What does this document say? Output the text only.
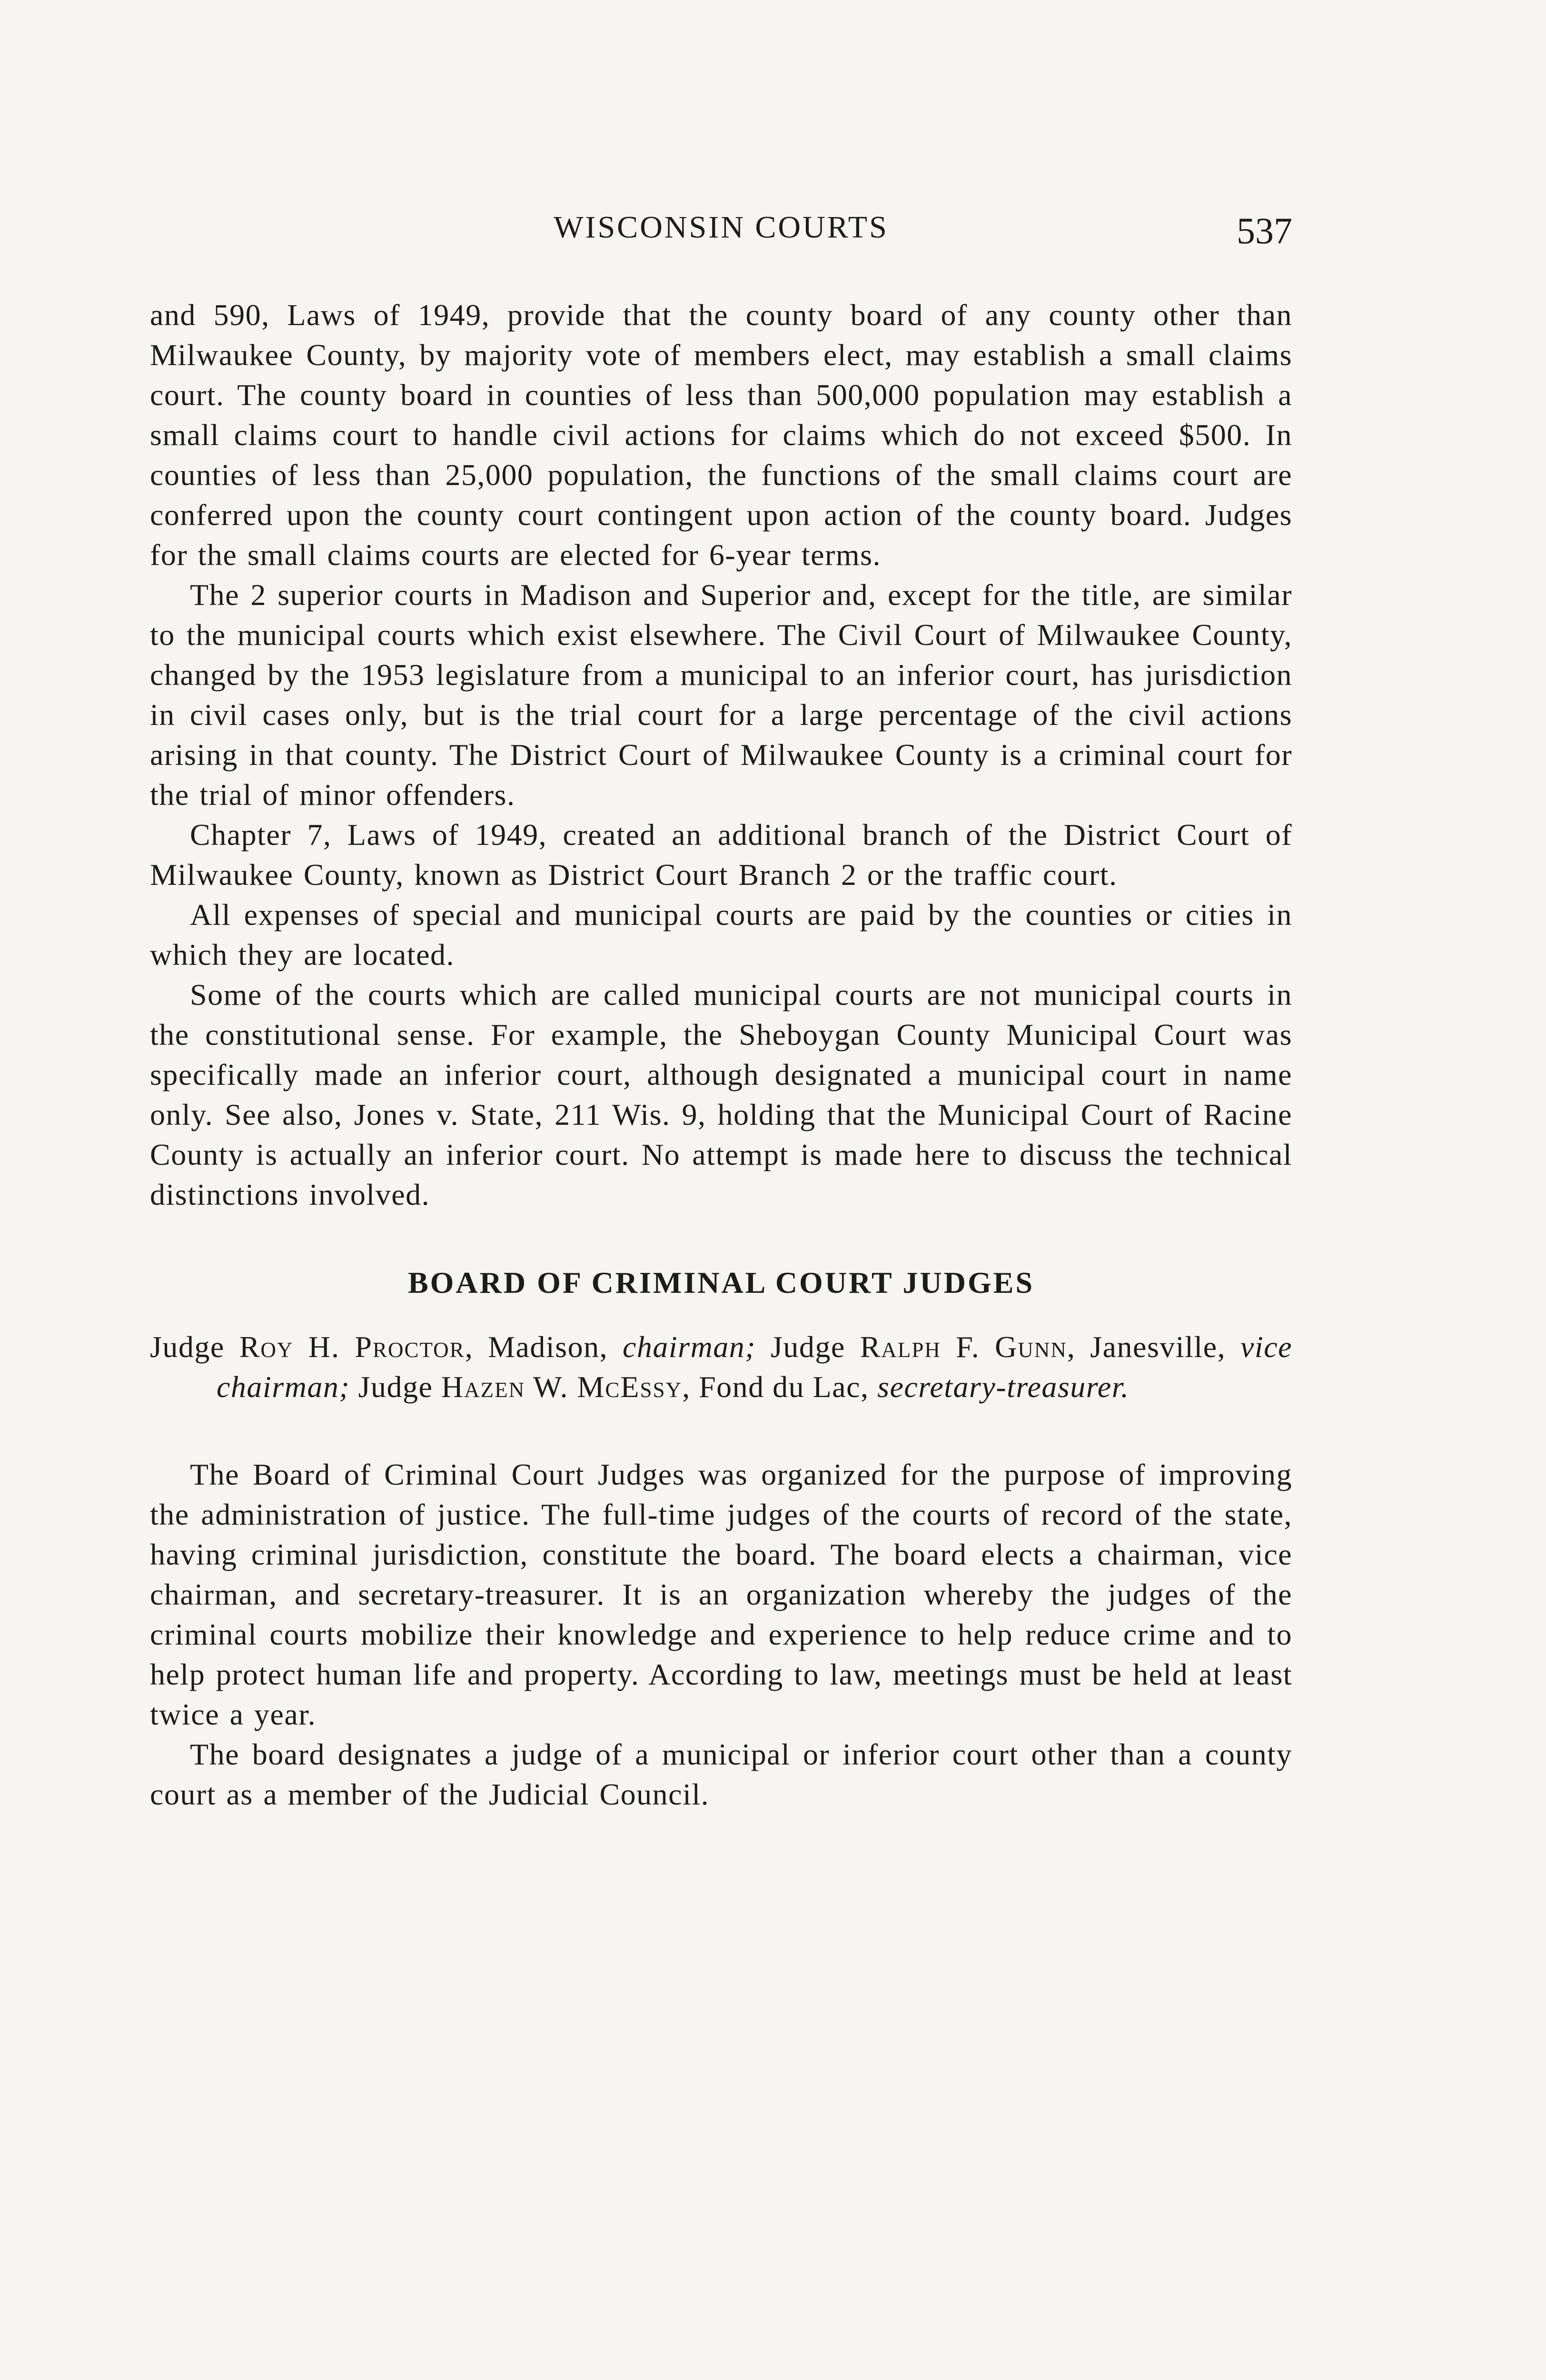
WISCONSIN COURTS	537

and 590, Laws of 1949, provide that the county board of any county other than Milwaukee County, by majority vote of members elect, may establish a small claims court. The county board in counties of less than 500,000 population may establish a small claims court to handle civil actions for claims which do not exceed $500. In counties of less than 25,000 population, the functions of the small claims court are conferred upon the county court contingent upon action of the county board. Judges for the small claims courts are elected for 6-year terms.

The 2 superior courts in Madison and Superior and, except for the title, are similar to the municipal courts which exist elsewhere. The Civil Court of Milwaukee County, changed by the 1953 legislature from a municipal to an inferior court, has jurisdiction in civil cases only, but is the trial court for a large percentage of the civil actions arising in that county. The District Court of Milwaukee County is a criminal court for the trial of minor offenders.

Chapter 7, Laws of 1949, created an additional branch of the District Court of Milwaukee County, known as District Court Branch 2 or the traffic court.

All expenses of special and municipal courts are paid by the counties or cities in which they are located.

Some of the courts which are called municipal courts are not municipal courts in the constitutional sense. For example, the Sheboygan County Municipal Court was specifically made an inferior court, although designated a municipal court in name only. See also, Jones v. State, 211 Wis. 9, holding that the Municipal Court of Racine County is actually an inferior court. No attempt is made here to discuss the technical distinctions involved.

BOARD OF CRIMINAL COURT JUDGES

Judge Roy H. Proctor, Madison, chairman; Judge Ralph F. Gunn, Janesville, vice chairman; Judge Hazen W. McEssy, Fond du Lac, secretary-treasurer.

The Board of Criminal Court Judges was organized for the purpose of improving the administration of justice. The full-time judges of the courts of record of the state, having criminal jurisdiction, constitute the board. The board elects a chairman, vice chairman, and secretary-treasurer. It is an organization whereby the judges of the criminal courts mobilize their knowledge and experience to help reduce crime and to help protect human life and property. According to law, meetings must be held at least twice a year.

The board designates a judge of a municipal or inferior court other than a county court as a member of the Judicial Council.
